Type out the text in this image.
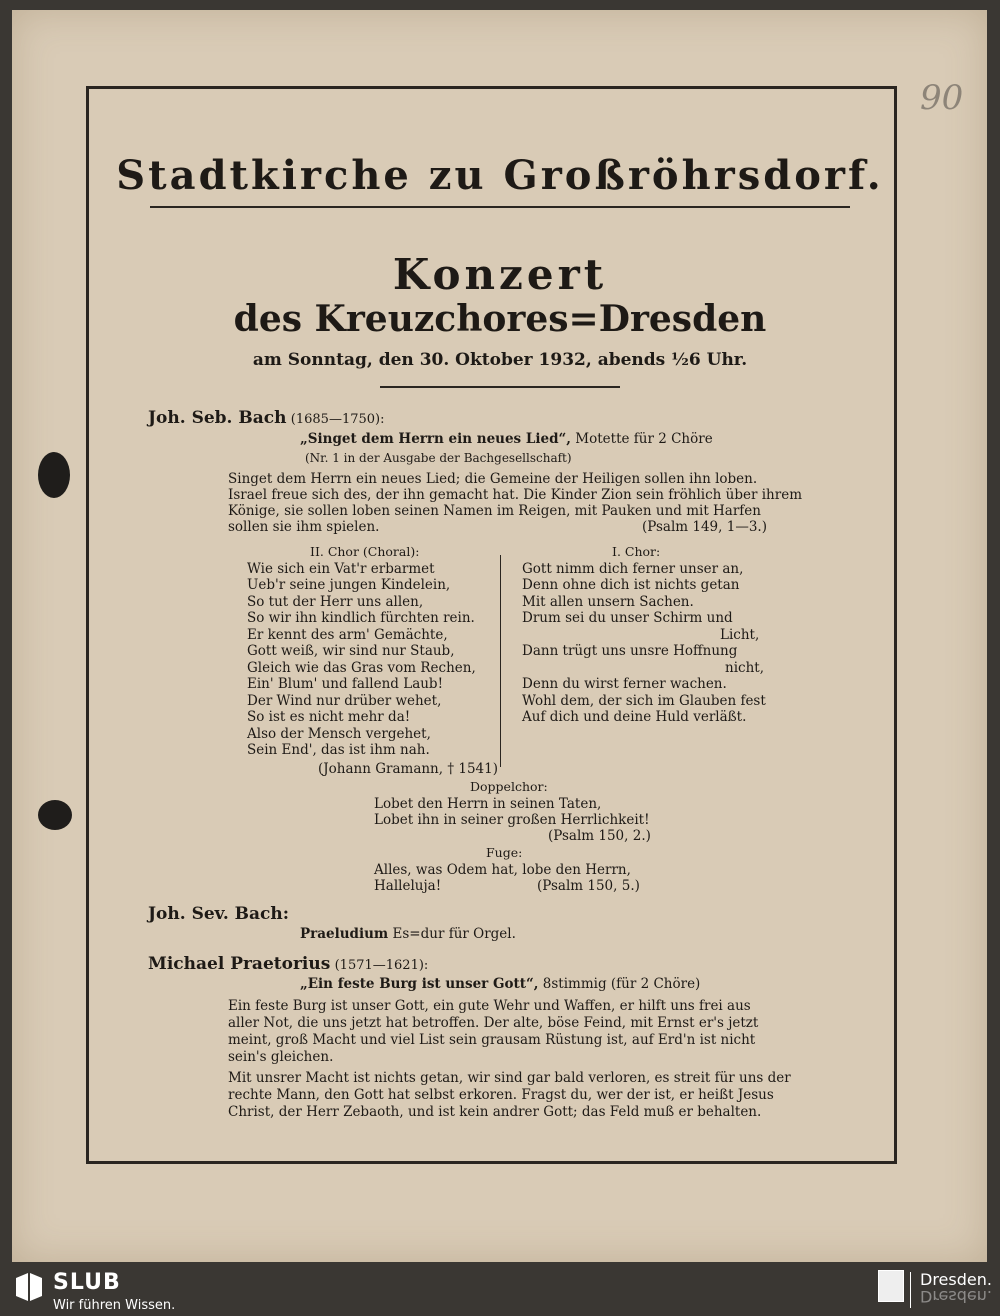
90
Stadtkirche zu Großröhrsdorf.
Konzert
des Kreuzchores=Dresden
am Sonntag, den 30. Oktober 1932, abends ½6 Uhr.
Joh. Seb. Bach (1685—1750):
„Singet dem Herrn ein neues Lied“, Motette für 2 Chöre
(Nr. 1 in der Ausgabe der Bachgesellschaft)
Singet dem Herrn ein neues Lied; die Gemeine der Heiligen sollen ihn loben.
Israel freue sich des, der ihn gemacht hat. Die Kinder Zion sein fröhlich über ihrem
Könige, sie sollen loben seinen Namen im Reigen, mit Pauken und mit Harfen
sollen sie ihm spielen.	(Psalm 149, 1—3.)
II. Chor (Choral):
Wie sich ein Vat'r erbarmet
Ueb'r seine jungen Kindelein,
So tut der Herr uns allen,
So wir ihn kindlich fürchten rein.
Er kennt des arm' Gemächte,
Gott weiß, wir sind nur Staub,
Gleich wie das Gras vom Rechen,
Ein' Blum' und fallend Laub!
Der Wind nur drüber wehet,
So ist es nicht mehr da!
Also der Mensch vergehet,
Sein End', das ist ihm nah.
(Johann Gramann, † 1541)
I. Chor:
Gott nimm dich ferner unser an,
Denn ohne dich ist nichts getan
Mit allen unsern Sachen.
Drum sei du unser Schirm und
Licht,
Dann trügt uns unsre Hoffnung
nicht,
Denn du wirst ferner wachen.
Wohl dem, der sich im Glauben fest
Auf dich und deine Huld verläßt.
Doppelchor:
Lobet den Herrn in seinen Taten,
Lobet ihn in seiner großen Herrlichkeit!
(Psalm 150, 2.)
Fuge:
Alles, was Odem hat, lobe den Herrn,
Halleluja!	(Psalm 150, 5.)
Joh. Sev. Bach:
Praeludium Es=dur für Orgel.
Michael Praetorius (1571—1621):
„Ein feste Burg ist unser Gott“, 8stimmig (für 2 Chöre)
Ein feste Burg ist unser Gott, ein gute Wehr und Waffen, er hilft uns frei aus
aller Not, die uns jetzt hat betroffen. Der alte, böse Feind, mit Ernst er's jetzt
meint, groß Macht und viel List sein grausam Rüstung ist, auf Erd'n ist nicht
sein's gleichen.
Mit unsrer Macht ist nichts getan, wir sind gar bald verloren, es streit für uns der
rechte Mann, den Gott hat selbst erkoren. Fragst du, wer der ist, er heißt Jesus
Christ, der Herr Zebaoth, und ist kein andrer Gott; das Feld muß er behalten.
SLUB
Wir führen Wissen.
Dresden.
Dresden.
